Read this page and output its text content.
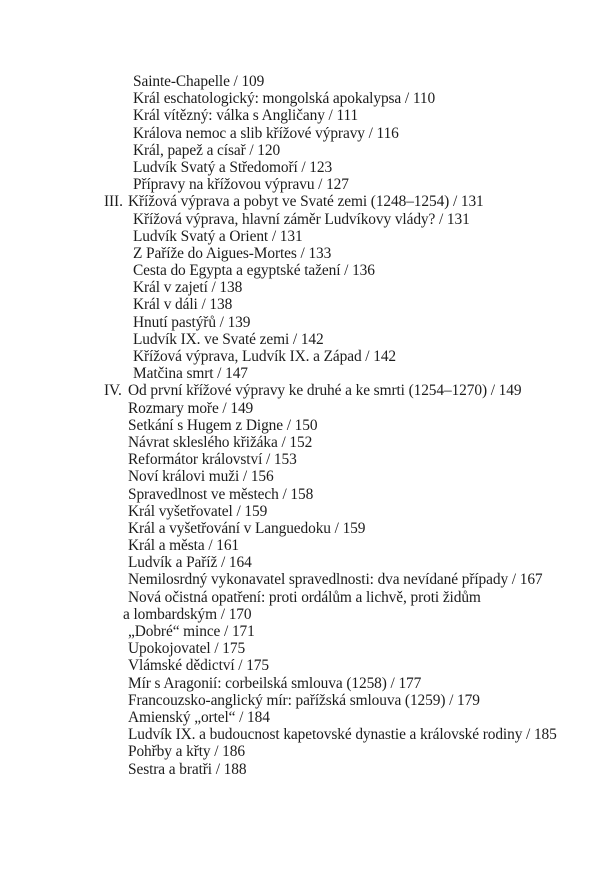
Sainte-Chapelle / 109
Král eschatologický: mongolská apokalypsa / 110
Král vítězný: válka s Angličany / 111
Králova nemoc a slib křížové výpravy / 116
Král, papež a císař / 120
Ludvík Svatý a Středomoří / 123
Přípravy na křížovou výpravu / 127
III. Křížová výprava a pobyt ve Svaté zemi (1248–1254) / 131
Křížová výprava, hlavní záměr Ludvíkovy vlády? / 131
Ludvík Svatý a Orient / 131
Z Paříže do Aigues-Mortes / 133
Cesta do Egypta a egyptské tažení / 136
Král v zajetí / 138
Král v dáli / 138
Hnutí pastýřů / 139
Ludvík IX. ve Svaté zemi / 142
Křížová výprava, Ludvík IX. a Západ / 142
Matčina smrt / 147
IV. Od první křížové výpravy ke druhé a ke smrti (1254–1270) / 149
Rozmary moře / 149
Setkání s Hugem z Digne / 150
Návrat skleslého křižáka / 152
Reformátor království / 153
Noví královi muži / 156
Spravedlnost ve městech / 158
Král vyšetřovatel / 159
Král a vyšetřování v Languedoku / 159
Král a města / 161
Ludvík a Paříž / 164
Nemilosrdný vykonavatel spravedlnosti: dva nevídané případy / 167
Nová očistná opatření: proti ordálům a lichvě, proti židům
a lombardským / 170
„Dobré“ mince / 171
Upokojovatel / 175
Vlámské dědictví / 175
Mír s Aragonií: corbeilská smlouva (1258) / 177
Francouzsko-anglický mír: pařížská smlouva (1259) / 179
Amienský „ortel“ / 184
Ludvík IX. a budoucnost kapetovské dynastie a královské rodiny / 185
Pohřby a křty / 186
Sestra a bratři / 188
